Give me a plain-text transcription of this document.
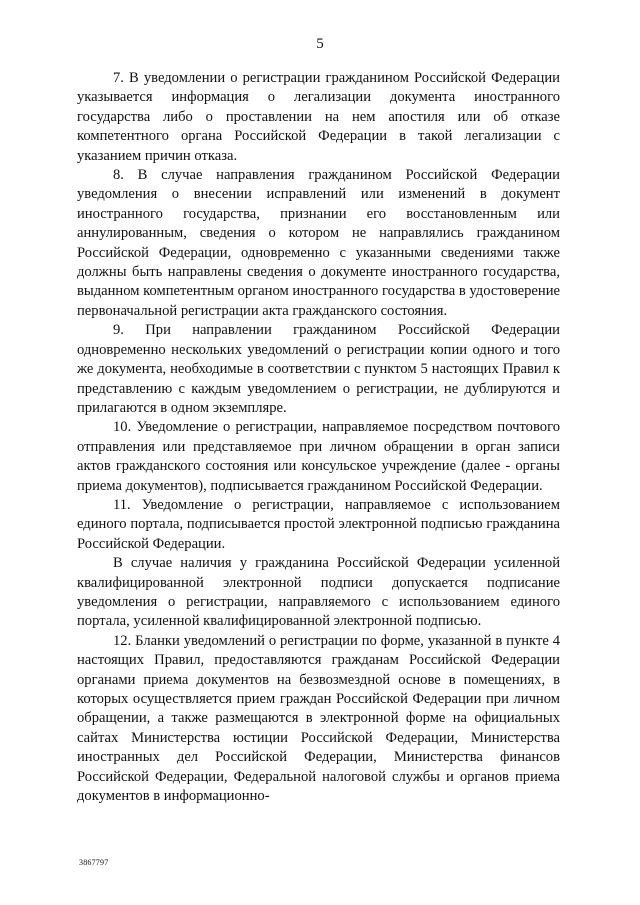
5

7. В уведомлении о регистрации гражданином Российской Федерации указывается информация о легализации документа иностранного государства либо о проставлении на нем апостиля или об отказе компетентного органа Российской Федерации в такой легализации с указанием причин отказа.

8. В случае направления гражданином Российской Федерации уведомления о внесении исправлений или изменений в документ иностранного государства, признании его восстановленным или аннулированным, сведения о котором не направлялись гражданином Российской Федерации, одновременно с указанными сведениями также должны быть направлены сведения о документе иностранного государства, выданном компетентным органом иностранного государства в удостоверение первоначальной регистрации акта гражданского состояния.

9. При направлении гражданином Российской Федерации одновременно нескольких уведомлений о регистрации копии одного и того же документа, необходимые в соответствии с пунктом 5 настоящих Правил к представлению с каждым уведомлением о регистрации, не дублируются и прилагаются в одном экземпляре.

10. Уведомление о регистрации, направляемое посредством почтового отправления или представляемое при личном обращении в орган записи актов гражданского состояния или консульское учреждение (далее - органы приема документов), подписывается гражданином Российской Федерации.

11. Уведомление о регистрации, направляемое с использованием единого портала, подписывается простой электронной подписью гражданина Российской Федерации.

В случае наличия у гражданина Российской Федерации усиленной квалифицированной электронной подписи допускается подписание уведомления о регистрации, направляемого с использованием единого портала, усиленной квалифицированной электронной подписью.

12. Бланки уведомлений о регистрации по форме, указанной в пункте 4 настоящих Правил, предоставляются гражданам Российской Федерации органами приема документов на безвозмездной основе в помещениях, в которых осуществляется прием граждан Российской Федерации при личном обращении, а также размещаются в электронной форме на официальных сайтах Министерства юстиции Российской Федерации, Министерства иностранных дел Российской Федерации, Министерства финансов Российской Федерации, Федеральной налоговой службы и органов приема документов в информационно-

3867797
